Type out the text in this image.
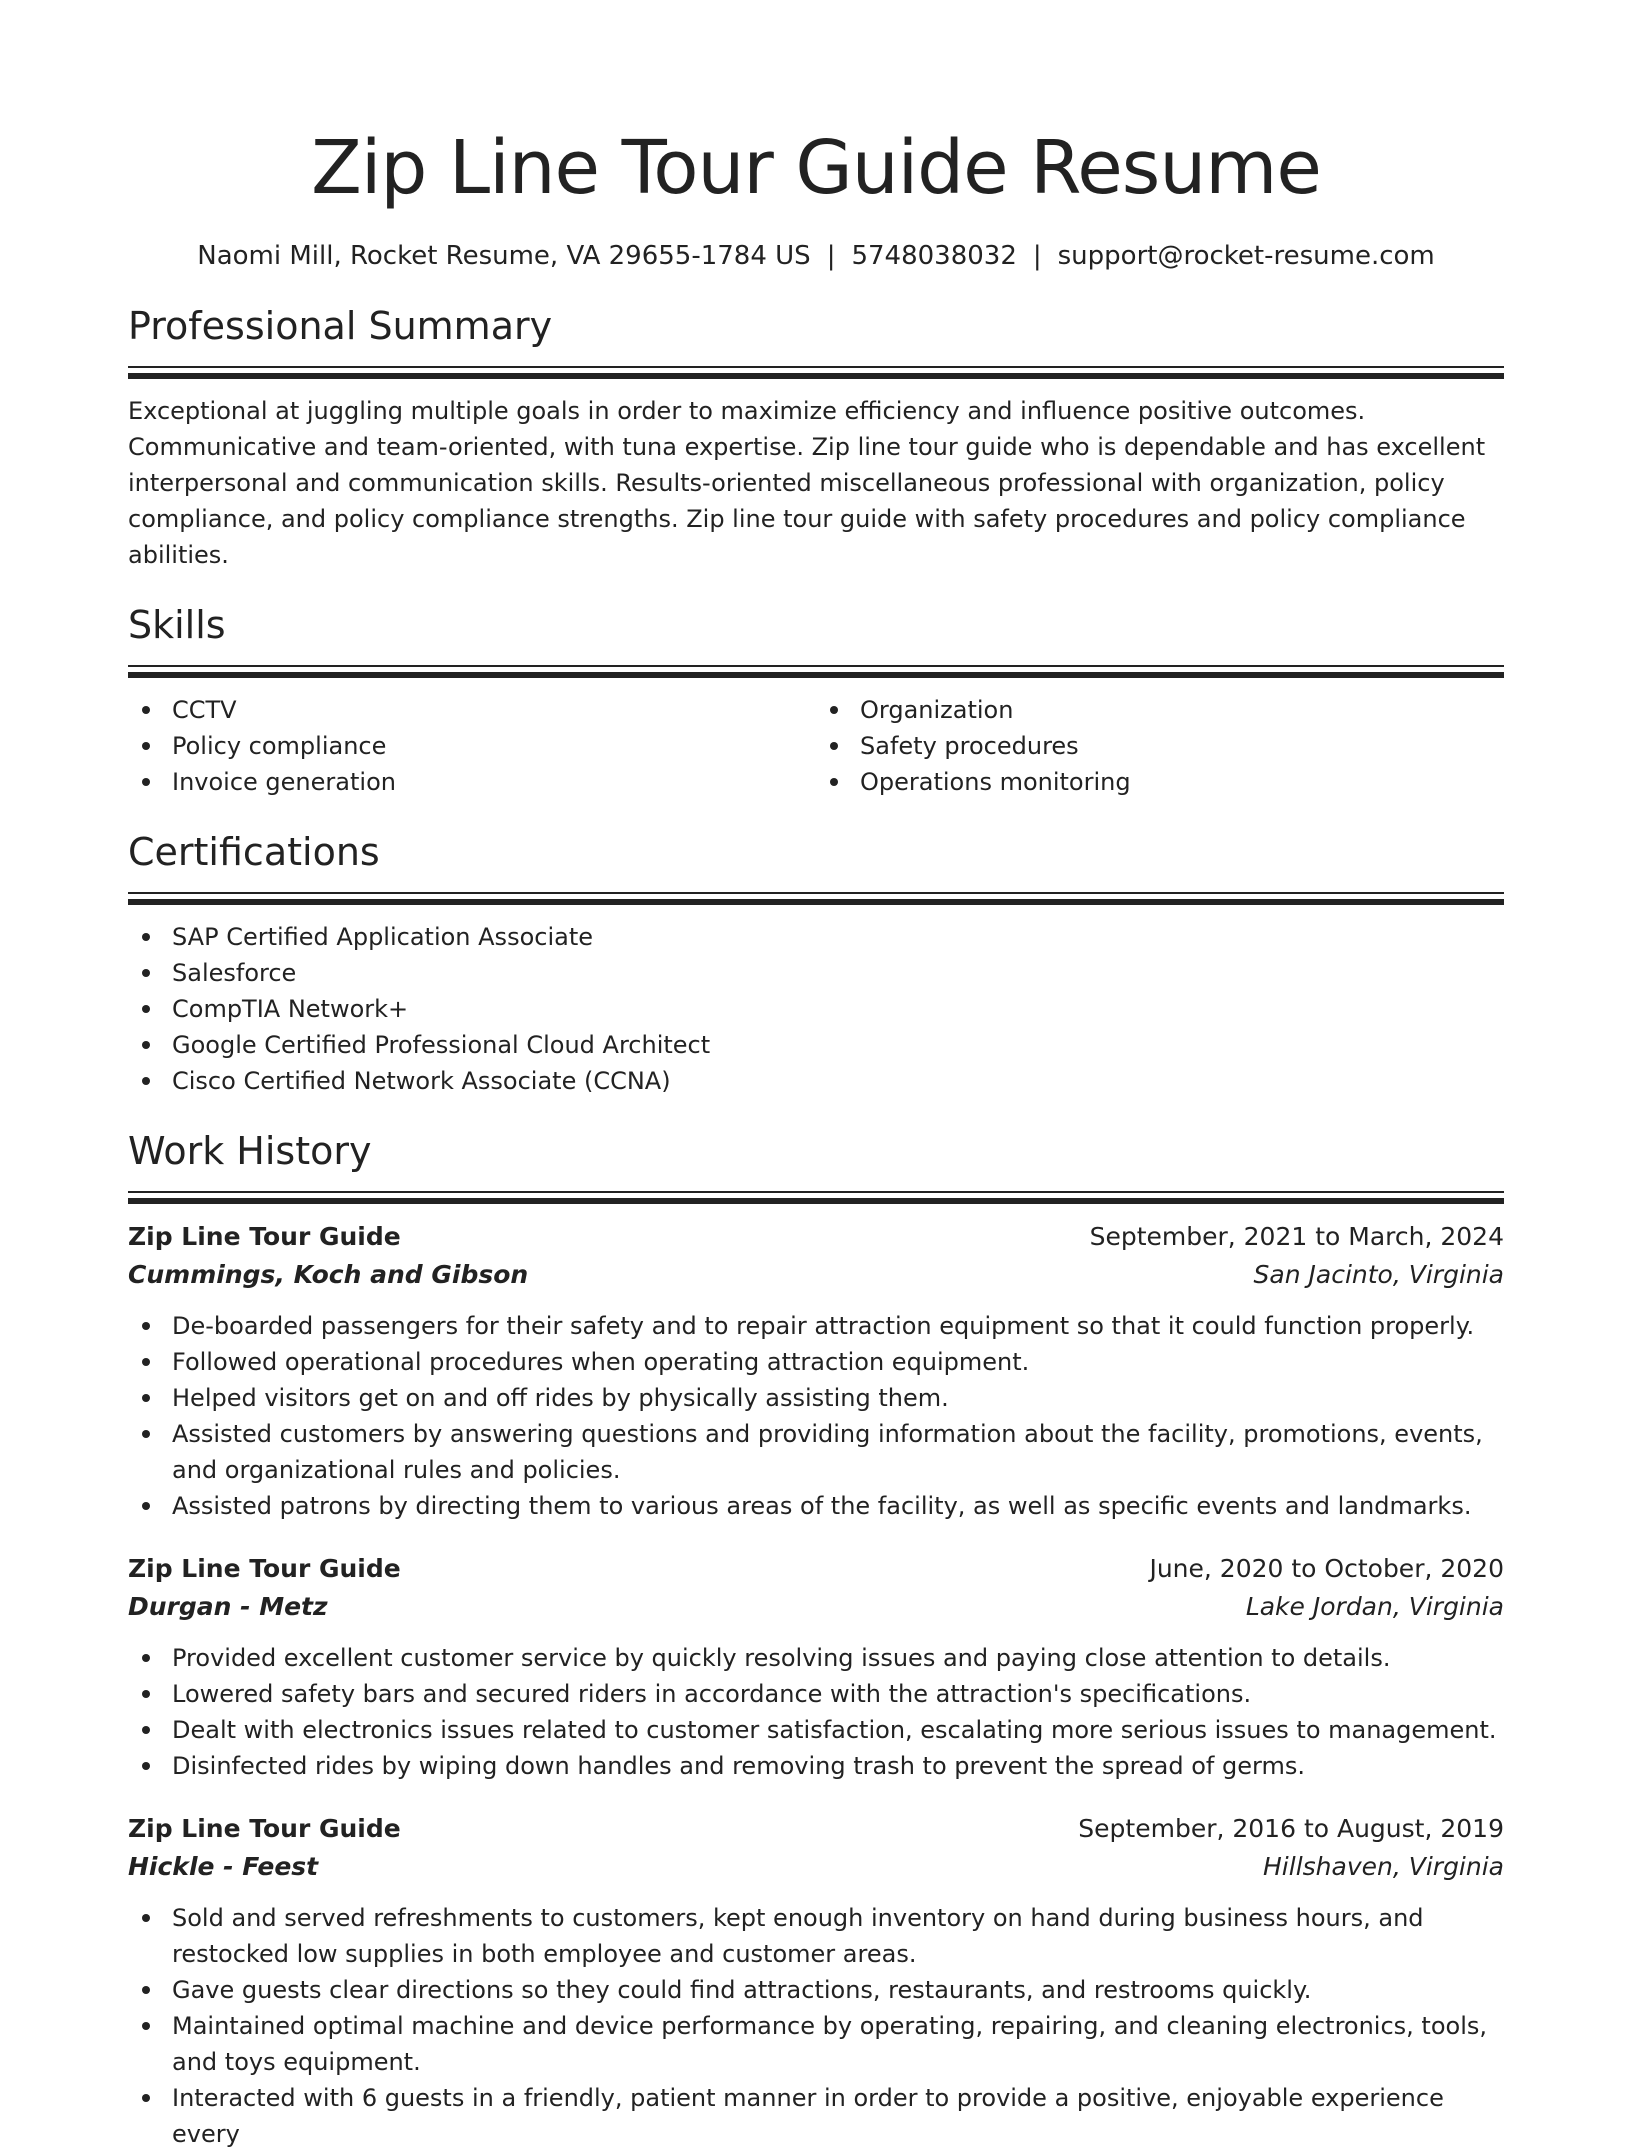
Zip Line Tour Guide Resume
Naomi Mill, Rocket Resume, VA 29655-1784 US | 5748038032 | support@rocket-resume.com
Professional Summary
Exceptional at juggling multiple goals in order to maximize efficiency and influence positive outcomes. Communicative and team-oriented, with tuna expertise. Zip line tour guide who is dependable and has excellent interpersonal and communication skills. Results-oriented miscellaneous professional with organization, policy compliance, and policy compliance strengths. Zip line tour guide with safety procedures and policy compliance abilities.
Skills
CCTV
Policy compliance
Invoice generation
Organization
Safety procedures
Operations monitoring
Certifications
SAP Certified Application Associate
Salesforce
CompTIA Network+
Google Certified Professional Cloud Architect
Cisco Certified Network Associate (CCNA)
Work History
Zip Line Tour Guide	September, 2021 to March, 2024
Cummings, Koch and Gibson	San Jacinto, Virginia
De-boarded passengers for their safety and to repair attraction equipment so that it could function properly.
Followed operational procedures when operating attraction equipment.
Helped visitors get on and off rides by physically assisting them.
Assisted customers by answering questions and providing information about the facility, promotions, events, and organizational rules and policies.
Assisted patrons by directing them to various areas of the facility, as well as specific events and landmarks.
Zip Line Tour Guide	June, 2020 to October, 2020
Durgan - Metz	Lake Jordan, Virginia
Provided excellent customer service by quickly resolving issues and paying close attention to details.
Lowered safety bars and secured riders in accordance with the attraction's specifications.
Dealt with electronics issues related to customer satisfaction, escalating more serious issues to management.
Disinfected rides by wiping down handles and removing trash to prevent the spread of germs.
Zip Line Tour Guide	September, 2016 to August, 2019
Hickle - Feest	Hillshaven, Virginia
Sold and served refreshments to customers, kept enough inventory on hand during business hours, and restocked low supplies in both employee and customer areas.
Gave guests clear directions so they could find attractions, restaurants, and restrooms quickly.
Maintained optimal machine and device performance by operating, repairing, and cleaning electronics, tools, and toys equipment.
Interacted with 6 guests in a friendly, patient manner in order to provide a positive, enjoyable experience every
